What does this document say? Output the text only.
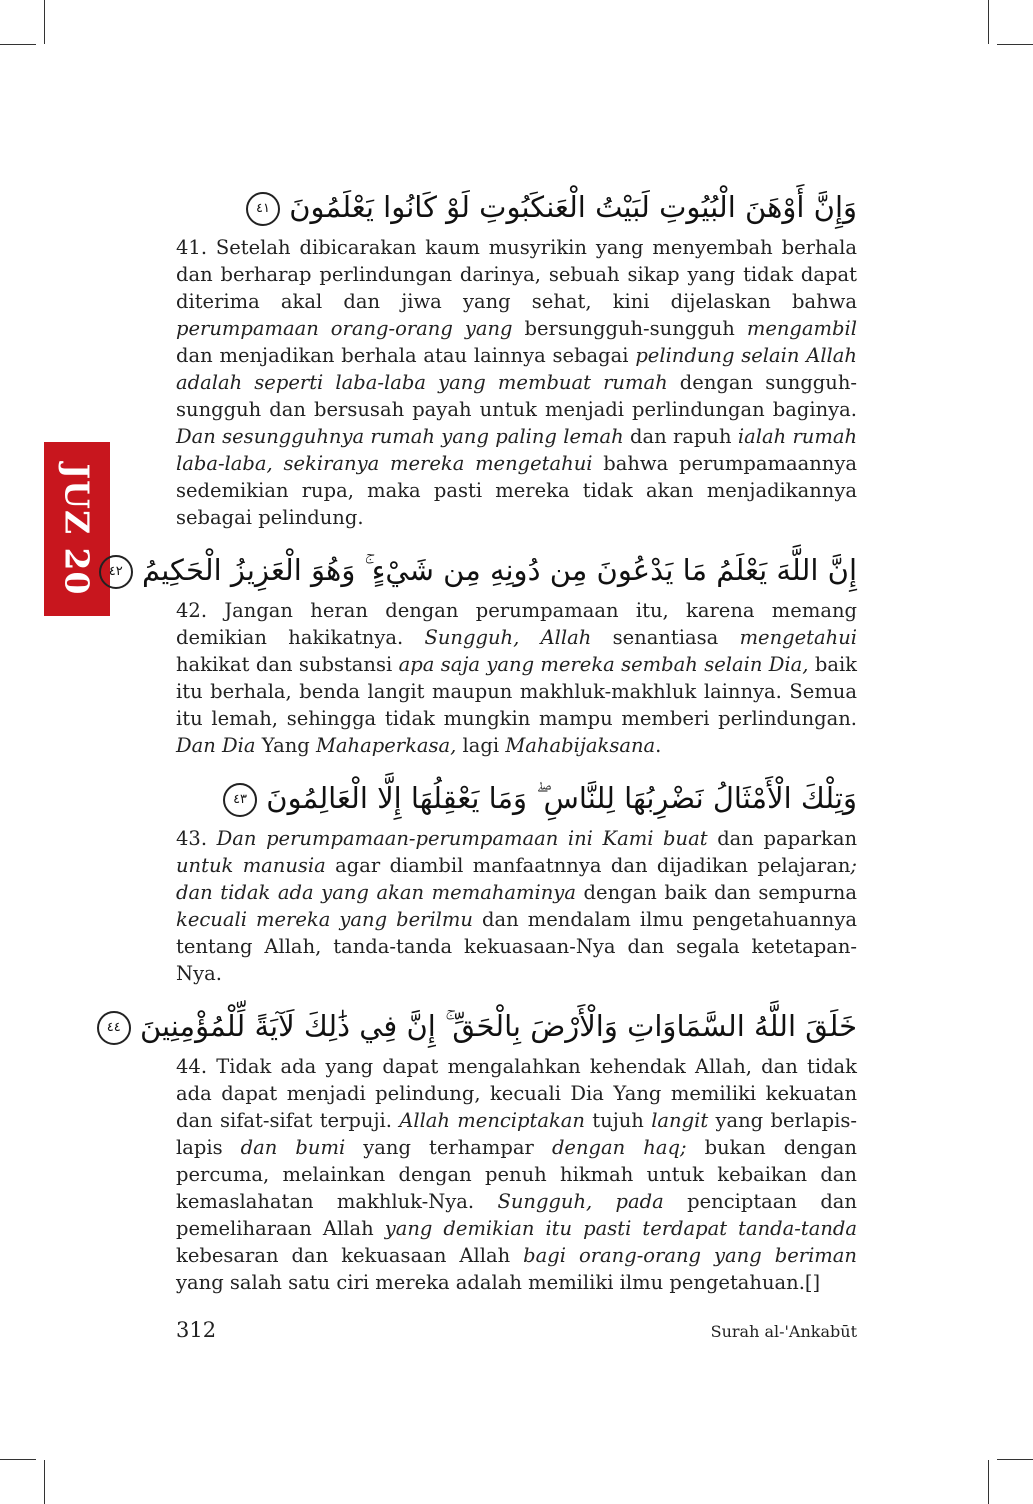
JUZ 20
وَإِنَّ أَوْهَنَ الْبُيُوتِ لَبَيْتُ الْعَنكَبُوتِ لَوْ كَانُوا يَعْلَمُونَ ٤١

41. Setelah dibicarakan kaum musyrikin yang menyembah berhala dan berharap perlindungan darinya, sebuah sikap yang tidak dapat diterima akal dan jiwa yang sehat, kini dijelaskan bahwa perumpamaan orang-orang yang bersungguh-sungguh mengambil dan menjadikan berhala atau lainnya sebagai pelindung selain Allah adalah seperti laba-laba yang membuat rumah dengan sungguh-sungguh dan bersusah payah untuk menjadi perlindungan baginya. Dan sesungguhnya rumah yang paling lemah dan rapuh ialah rumah laba-laba, sekiranya mereka mengetahui bahwa perumpamaannya sedemikian rupa, maka pasti mereka tidak akan menjadikannya sebagai pelindung.

إِنَّ اللَّهَ يَعْلَمُ مَا يَدْعُونَ مِن دُونِهِ مِن شَيْءٍ ۚ وَهُوَ الْعَزِيزُ الْحَكِيمُ ٤٢

42. Jangan heran dengan perumpamaan itu, karena memang demikian hakikatnya. Sungguh, Allah senantiasa mengetahui hakikat dan substansi apa saja yang mereka sembah selain Dia, baik itu berhala, benda langit maupun makhluk-makhluk lainnya. Semua itu lemah, sehingga tidak mungkin mampu memberi perlindungan. Dan Dia Yang Mahaperkasa, lagi Mahabijaksana.

وَتِلْكَ الْأَمْثَالُ نَضْرِبُهَا لِلنَّاسِ ۖ وَمَا يَعْقِلُهَا إِلَّا الْعَالِمُونَ ٤٣

43. Dan perumpamaan-perumpamaan ini Kami buat dan paparkan untuk manusia agar diambil manfaatnnya dan dijadikan pelajaran; dan tidak ada yang akan memahaminya dengan baik dan sempurna kecuali mereka yang berilmu dan mendalam ilmu pengetahuannya tentang Allah, tanda-tanda kekuasaan-Nya dan segala ketetapan-Nya.

خَلَقَ اللَّهُ السَّمَاوَاتِ وَالْأَرْضَ بِالْحَقِّ ۚ إِنَّ فِي ذَٰلِكَ لَآيَةً لِّلْمُؤْمِنِينَ ٤٤

44. Tidak ada yang dapat mengalahkan kehendak Allah, dan tidak ada dapat menjadi pelindung, kecuali Dia Yang memiliki kekuatan dan sifat-sifat terpuji. Allah menciptakan tujuh langit yang berlapis-lapis dan bumi yang terhampar dengan haq; bukan dengan percuma, melainkan dengan penuh hikmah untuk kebaikan dan kemaslahatan makhluk-Nya. Sungguh, pada penciptaan dan pemeliharaan Allah yang demikian itu pasti terdapat tanda-tanda kebesaran dan kekuasaan Allah bagi orang-orang yang beriman yang salah satu ciri mereka adalah memiliki ilmu pengetahuan.[]

312	Surah al-'Ankabūt
